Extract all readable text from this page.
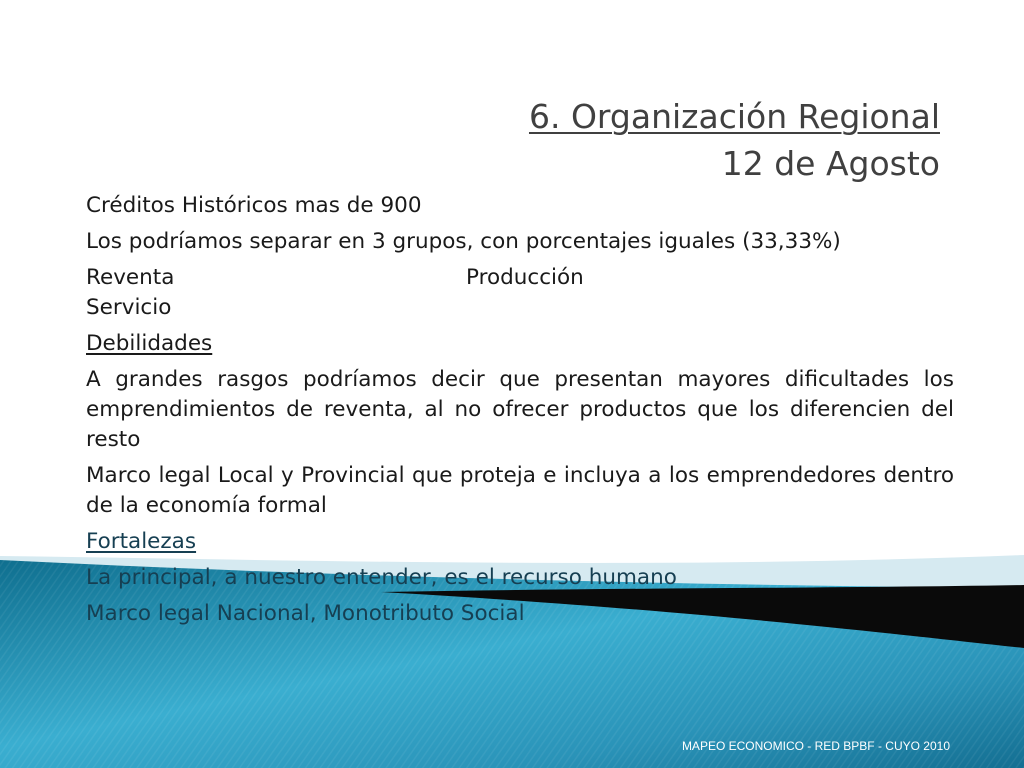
6. Organización Regional
12 de Agosto

Créditos Históricos mas de 900

Los podríamos separar en 3 grupos, con porcentajes iguales (33,33%)

Reventa	Producción

Servicio

Debilidades

A grandes rasgos podríamos decir que presentan mayores dificultades los emprendimientos de reventa, al no ofrecer productos que los diferencien del resto

Marco legal Local y Provincial que proteja e incluya a los emprendedores dentro de la economía formal

Fortalezas

La principal, a nuestro entender, es el recurso humano

Marco legal Nacional, Monotributo Social

MAPEO ECONOMICO - RED BPBF - CUYO 2010
